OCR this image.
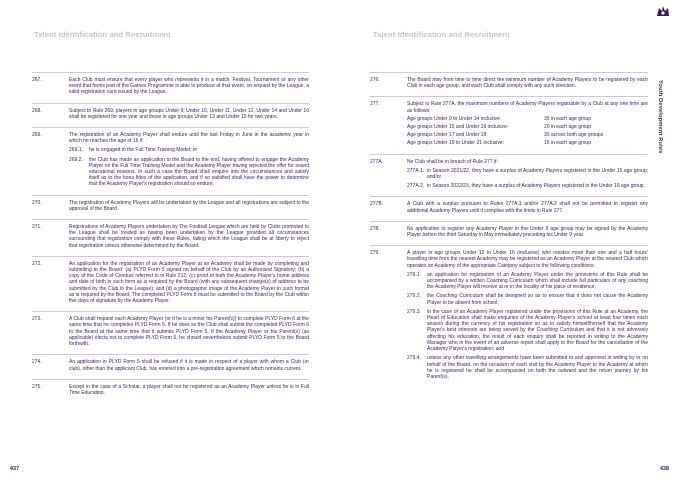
Talent Identification and Recruitment
267.	Each Club must ensure that every player who represents it in a match, Festival, Tournament or any other event that forms part of the Games Programme is able to produce at that event, on request by the League, a valid registration card issued by the League.
268.	Subject to Rule 269, players in age groups Under 9, Under 10, Under 11, Under 12, Under 14 and Under 16 shall be registered for one year and those in age groups Under 13 and Under 15 for two years.
269.	The registration of an Academy Player shall endure until the last Friday in June in the academic year in which he reaches the age of 16 if:
269.1.	he is engaged in the Full Time Training Model; or
269.2.	the Club has made an application to the Board to the end, having offered to engage the Academy Player on the Full Time Training Model and the Academy Player having rejected the offer for sound educational reasons. In such a case the Board shall enquire into the circumstances and satisfy itself as to the bona fides of the application, and if so satisfied shall have the power to determine that the Academy Player's registration should so endure.
270.	The registration of Academy Players will be undertaken by the League and all registrations are subject to the approval of the Board.
271.	Registrations of Academy Players undertaken by The Football League which are held by Clubs promoted to the League shall be treated as having been undertaken by the League provided all circumstances surrounding that registration comply with these Rules, failing which the League shall be at liberty to reject that registration unless otherwise determined by the Board.
272.	An application for the registration of an Academy Player at an Academy shall be made by completing and submitting to the Board: (a) PLYD Form 5 signed on behalf of the Club by an Authorised Signatory; (b) a copy of the Code of Conduct referred to in Rule 212; (c) proof of both the Academy Player's home address and date of birth in such form as is required by the Board (with any subsequent change(s) of address to be submitted by the Club to the League); and (d) a photographic image of the Academy Player in such format as is required by the Board. The completed PLYD Form 5 must be submitted to the Board by the Club within five days of signature by the Academy Player.
273.	A Club shall request each Academy Player (or if he is a minor his Parent(s)) to complete PLYD Form 6 at the same time that he completes PLYD Form 5. If he does so the Club shall submit the completed PLYD Form 6 to the Board at the same time that it submits PLYD Form 5. If the Academy Player or his Parent(s) (as applicable) elects not to complete PLYD Form 6, he should nevertheless submit PLYD Form 5 to the Board forthwith.
274.	An application in PLYD Form 5 shall be refused if it is made in respect of a player with whom a Club (or club), other than the applicant Club, has entered into a pre-registration agreement which remains current.
275.	Except in the case of a Scholar, a player shall not be registered as an Academy Player unless he is in Full Time Education.
437
Talent Identification and Recruitment
276.	The Board may from time to time direct the minimum number of Academy Players to be registered by each Club in each age group, and each Club shall comply with any such direction.
277.	Subject to Rule 277A, the maximum numbers of Academy Players registrable by a Club at any one time are as follows:
Age groups Under 9 to Under 14 inclusive:	30 in each age group
Age groups Under 15 and Under 16 inclusive:	20 in each age group
Age groups Under 17 and Under 18:	30 across both age groups
Age groups Under 19 to Under 21 inclusive:	15 in each age group
277A.	No Club shall be in breach of Rule 277 if:
277A.1. in Season 2021/22, they have a surplus of Academy Players registered in the Under 15 age group; and/or
277A.2. in Season 2022/23, they have a surplus of Academy Players registered in the Under 16 age group.
277B.	A Club with a surplus pursuant to Rules 277A.1 and/or 277A.2 shall not be permitted to register any additional Academy Players until it complies with the limits in Rule 277.
278.	No application to register any Academy Player in the Under 9 age group may be signed by the Academy Player before the third Saturday in May immediately preceding his Under 9 year.
279.	A player in age groups Under 12 to Under 16 (inclusive) who resides more than one and a half hours' travelling time from the nearest Academy may be registered as an Academy Player at the nearest Club which operates an Academy of the appropriate Category subject to the following conditions:
279.1.	an application for registration of an Academy Player under the provisions of this Rule shall be accompanied by a written Coaching Curriculum which shall include full particulars of any coaching the Academy Player will receive at or in the locality of his place of residence;
279.2.	the Coaching Curriculum shall be designed so as to ensure that it does not cause the Academy Player to be absent from school;
279.3.	in the case of an Academy Player registered under the provisions of this Rule at an Academy, the Head of Education shall make enquiries of the Academy Player's school at least four times each season during the currency of his registration so as to satisfy himself/herself that the Academy Player's best interests are being served by the Coaching Curriculum and that it is not adversely affecting his education, the result of each enquiry shall be reported in writing to the Academy Manager who in the event of an adverse report shall apply to the Board for the cancellation of the Academy Player's registration; and
279.4.	unless any other travelling arrangements have been submitted to and approved in writing by or on behalf of the Board, on the occasion of each visit by the Academy Player to the Academy at which he is registered he shall be accompanied on both the outward and the return journey by his Parent(s).
Youth Development Rules
438
